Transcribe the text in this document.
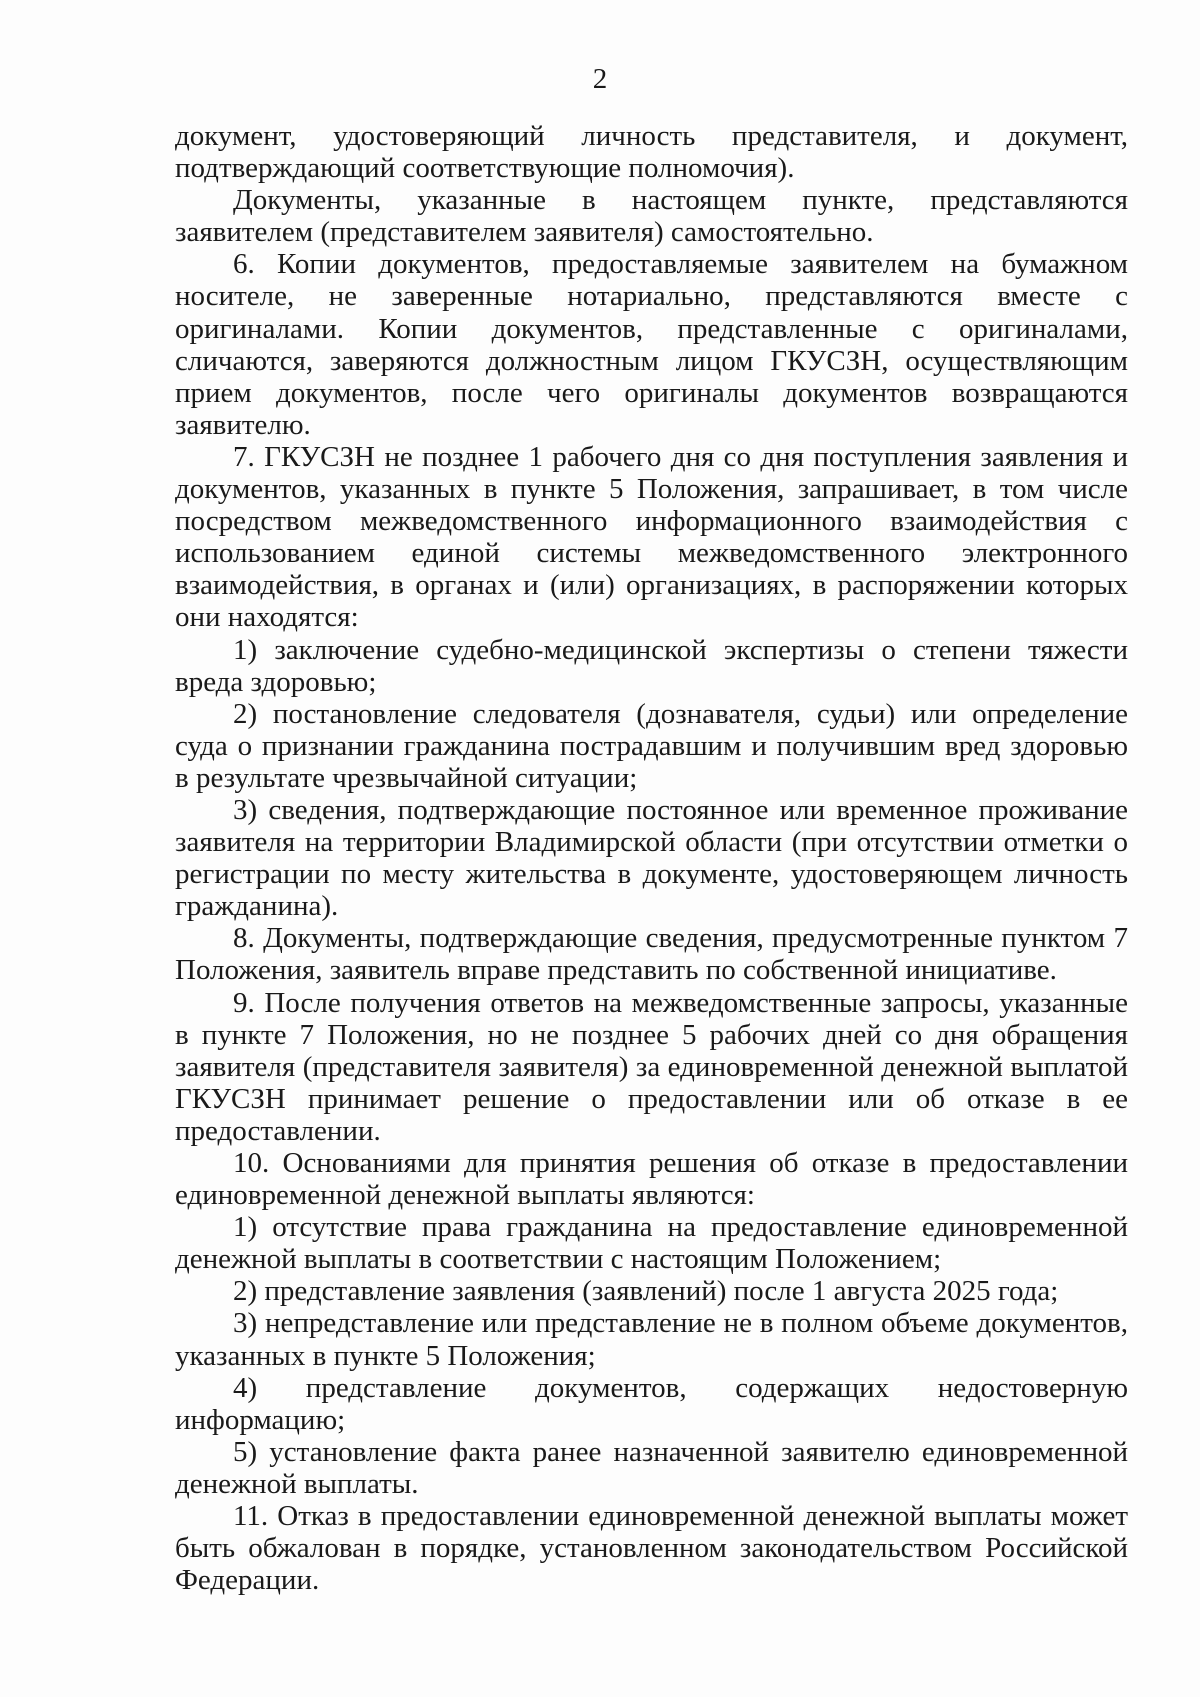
2

документ, удостоверяющий личность представителя, и документ, подтверждающий соответствующие полномочия).

Документы, указанные в настоящем пункте, представляются заявителем (представителем заявителя) самостоятельно.

6. Копии документов, предоставляемые заявителем на бумажном носителе, не заверенные нотариально, представляются вместе с оригиналами. Копии документов, представленные с оригиналами, сличаются, заверяются должностным лицом ГКУСЗН, осуществляющим прием документов, после чего оригиналы документов возвращаются заявителю.

7. ГКУСЗН не позднее 1 рабочего дня со дня поступления заявления и документов, указанных в пункте 5 Положения, запрашивает, в том числе посредством межведомственного информационного взаимодействия с использованием единой системы межведомственного электронного взаимодействия, в органах и (или) организациях, в распоряжении которых они находятся:

1) заключение судебно-медицинской экспертизы о степени тяжести вреда здоровью;

2) постановление следователя (дознавателя, судьи) или определение суда о признании гражданина пострадавшим и получившим вред здоровью в результате чрезвычайной ситуации;

3) сведения, подтверждающие постоянное или временное проживание заявителя на территории Владимирской области (при отсутствии отметки о регистрации по месту жительства в документе, удостоверяющем личность гражданина).

8. Документы, подтверждающие сведения, предусмотренные пунктом 7 Положения, заявитель вправе представить по собственной инициативе.

9. После получения ответов на межведомственные запросы, указанные в пункте 7 Положения, но не позднее 5 рабочих дней со дня обращения заявителя (представителя заявителя) за единовременной денежной выплатой ГКУСЗН принимает решение о предоставлении или об отказе в ее предоставлении.

10. Основаниями для принятия решения об отказе в предоставлении единовременной денежной выплаты являются:

1) отсутствие права гражданина на предоставление единовременной денежной выплаты в соответствии с настоящим Положением;

2) представление заявления (заявлений) после 1 августа 2025 года;

3) непредставление или представление не в полном объеме документов, указанных в пункте 5 Положения;

4) представление документов, содержащих недостоверную информацию;

5) установление факта ранее назначенной заявителю единовременной денежной выплаты.

11. Отказ в предоставлении единовременной денежной выплаты может быть обжалован в порядке, установленном законодательством Российской Федерации.
